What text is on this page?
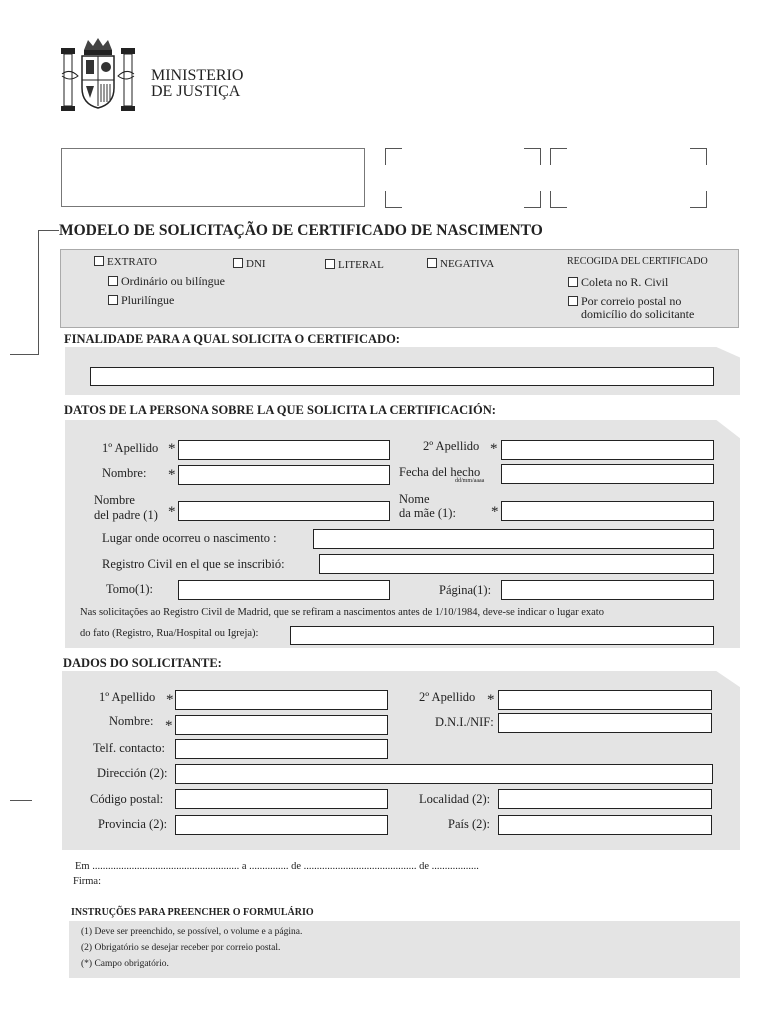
MINISTERIO
DE JUSTIÇA
MODELO DE SOLICITAÇÃO DE CERTIFICADO DE NASCIMENTO
EXTRATO	DNI	LITERAL	NEGATIVA
Ordinário ou bilíngue
Plurilíngue
RECOGIDA DEL CERTIFICADO
Coleta no R. Civil
Por correio postal no
domicílio do solicitante
FINALIDADE PARA A QUAL SOLICITA O CERTIFICADO:
DATOS DE LA PERSONA SOBRE LA QUE SOLICITA LA CERTIFICACIÓN:
1º Apellido *	2º Apellido *
Nombre: *	Fecha del hecho
dd/mm/aaaa
Nombre
del padre (1) *
Nome
da mãe (1): *
Lugar onde ocorreu o nascimento :
Registro Civil en el que se inscribió:
Tomo(1):	Página(1):
Nas solicitações ao Registro Civil de Madrid, que se refiram a nascimentos antes de 1/10/1984, deve-se indicar o lugar exato
do fato (Registro, Rua/Hospital ou Igreja):
DADOS DO SOLICITANTE:
1º Apellido *	2º Apellido *
Nombre: *	D.N.I./NIF:
Telf. contacto:
Dirección (2):
Código postal:	Localidad (2):
Provincia (2):	País (2):
Em ........................................................ a ............... de ........................................... de ..................
Firma:
INSTRUÇÕES PARA PREENCHER O FORMULÁRIO
(1) Deve ser preenchido, se possível, o volume e a página.
(2) Obrigatório se desejar receber por correio postal.
(*) Campo obrigatório.
